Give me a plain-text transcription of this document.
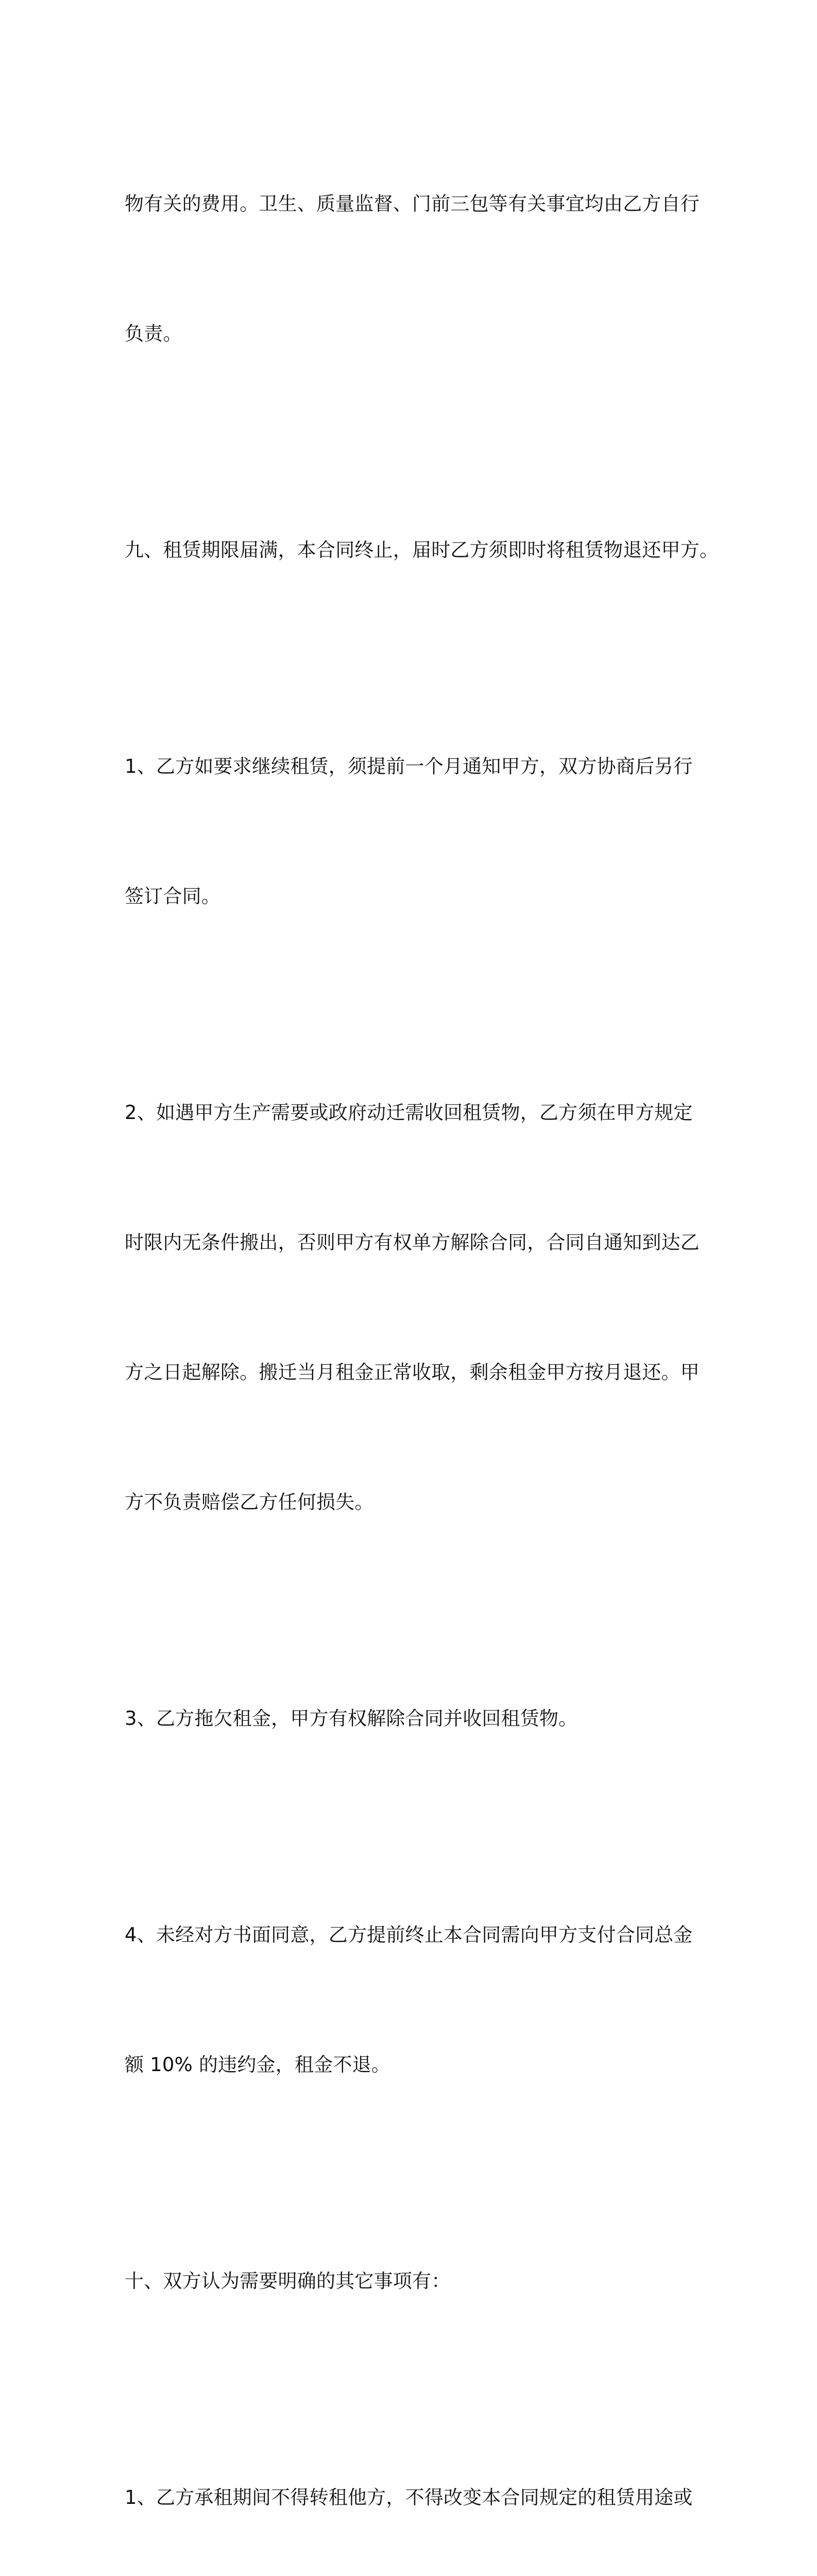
物有关的费用。卫生、质量监督、门前三包等有关事宜均由乙方自行

负责。

九、租赁期限届满，本合同终止，届时乙方须即时将租赁物退还甲方。

1、乙方如要求继续租赁，须提前一个月通知甲方，双方协商后另行

签订合同。

2、如遇甲方生产需要或政府动迁需收回租赁物，乙方须在甲方规定

时限内无条件搬出，否则甲方有权单方解除合同，合同自通知到达乙

方之日起解除。搬迁当月租金正常收取，剩余租金甲方按月退还。甲

方不负责赔偿乙方任何损失。

3、乙方拖欠租金，甲方有权解除合同并收回租赁物。

4、未经对方书面同意，乙方提前终止本合同需向甲方支付合同总金

额 10% 的违约金，租金不退。

十、双方认为需要明确的其它事项有：

1、乙方承租期间不得转租他方，不得改变本合同规定的租赁用途或
